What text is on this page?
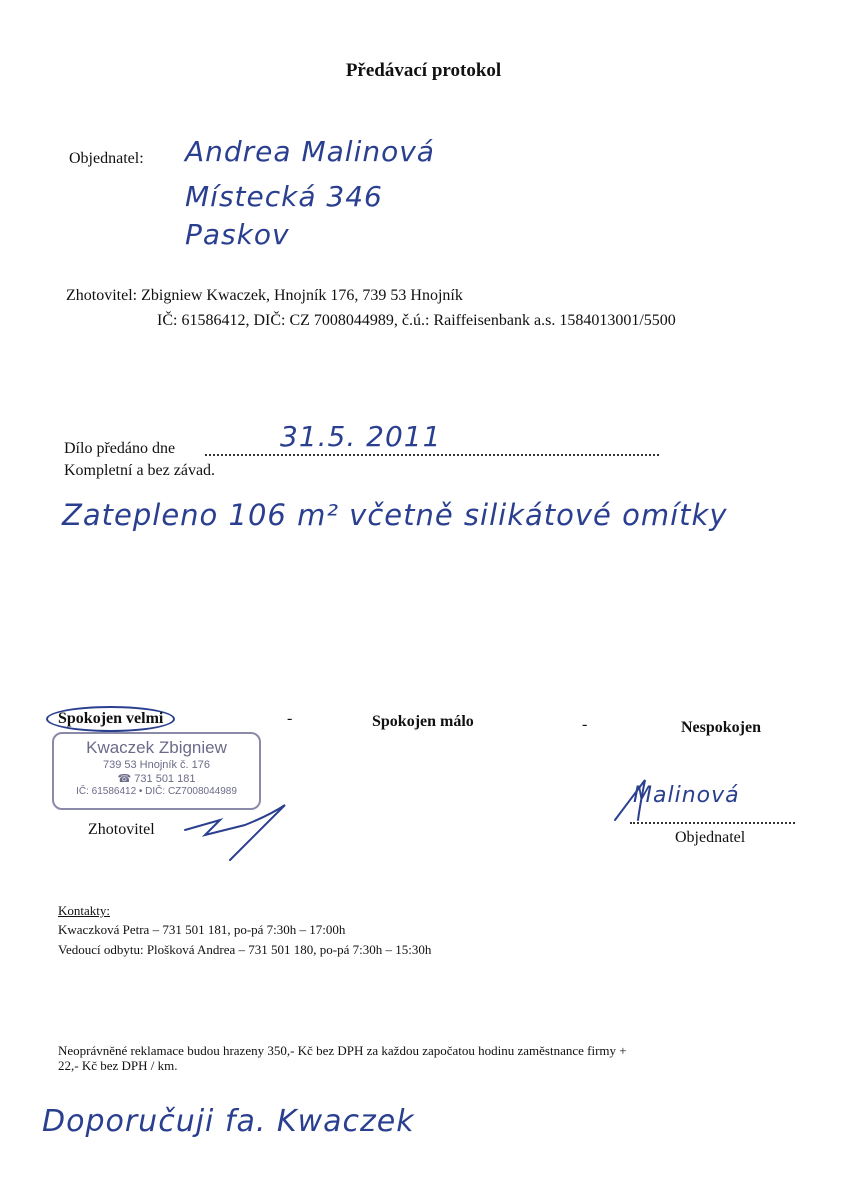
Předávací protokol
Objednatel: Andrea Malinová
Místecká 346
Paskov
Zhotovitel: Zbigniew Kwaczek, Hnojník 176, 739 53 Hnojník
IČ: 61586412, DIČ: CZ 7008044989, č.ú.: Raiffeisenbank a.s. 1584013001/5500
Dílo předáno dne	31.5. 2011
Kompletní a bez závad.
Zatepleno 106 m² včetně silikátové omítky
Spokojen velmi	-	Spokojen málo	-	Nespokojen
Kwaczek Zbigniew
739 53 Hnojník č. 176
☎ 731 501 181
IČ: 61586412 • DIČ: CZ7008044989
Zhotovitel
Malinová
Objednatel
Kontakty:
Kwaczková Petra – 731 501 181, po-pá 7:30h – 17:00h
Vedoucí odbytu: Plošková Andrea – 731 501 180, po-pá 7:30h – 15:30h
Neoprávněné reklamace budou hrazeny 350,- Kč bez DPH za každou započatou hodinu zaměstnance firmy +
22,- Kč bez DPH / km.
Doporučuji fa. Kwaczek
